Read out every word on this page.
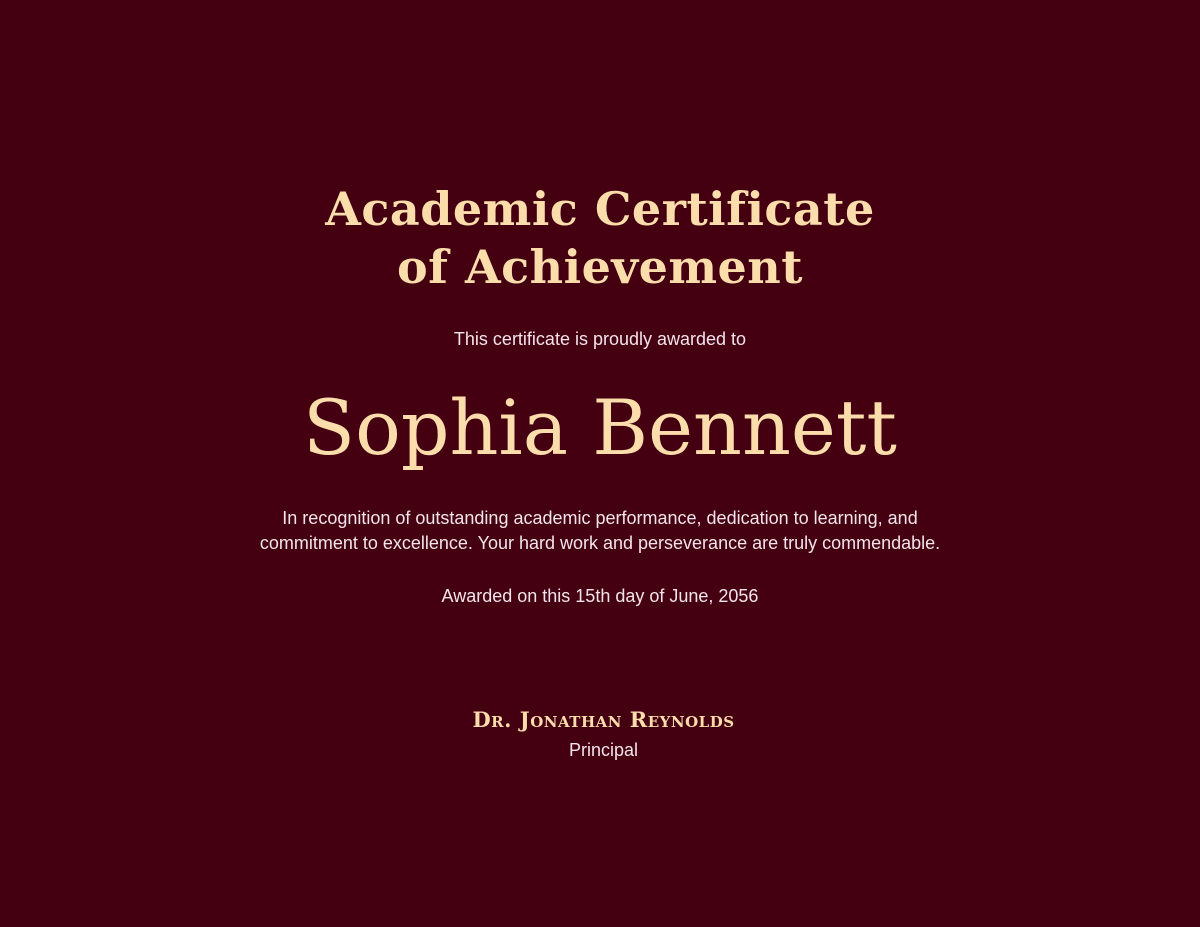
Academic Certificate
of Achievement
This certificate is proudly awarded to
Sophia Bennett

In recognition of outstanding academic performance, dedication to learning, and commitment to excellence. Your hard work and perseverance are truly commendable.

Awarded on this 15th day of June, 2056
Dr. Jonathan Reynolds
Principal
